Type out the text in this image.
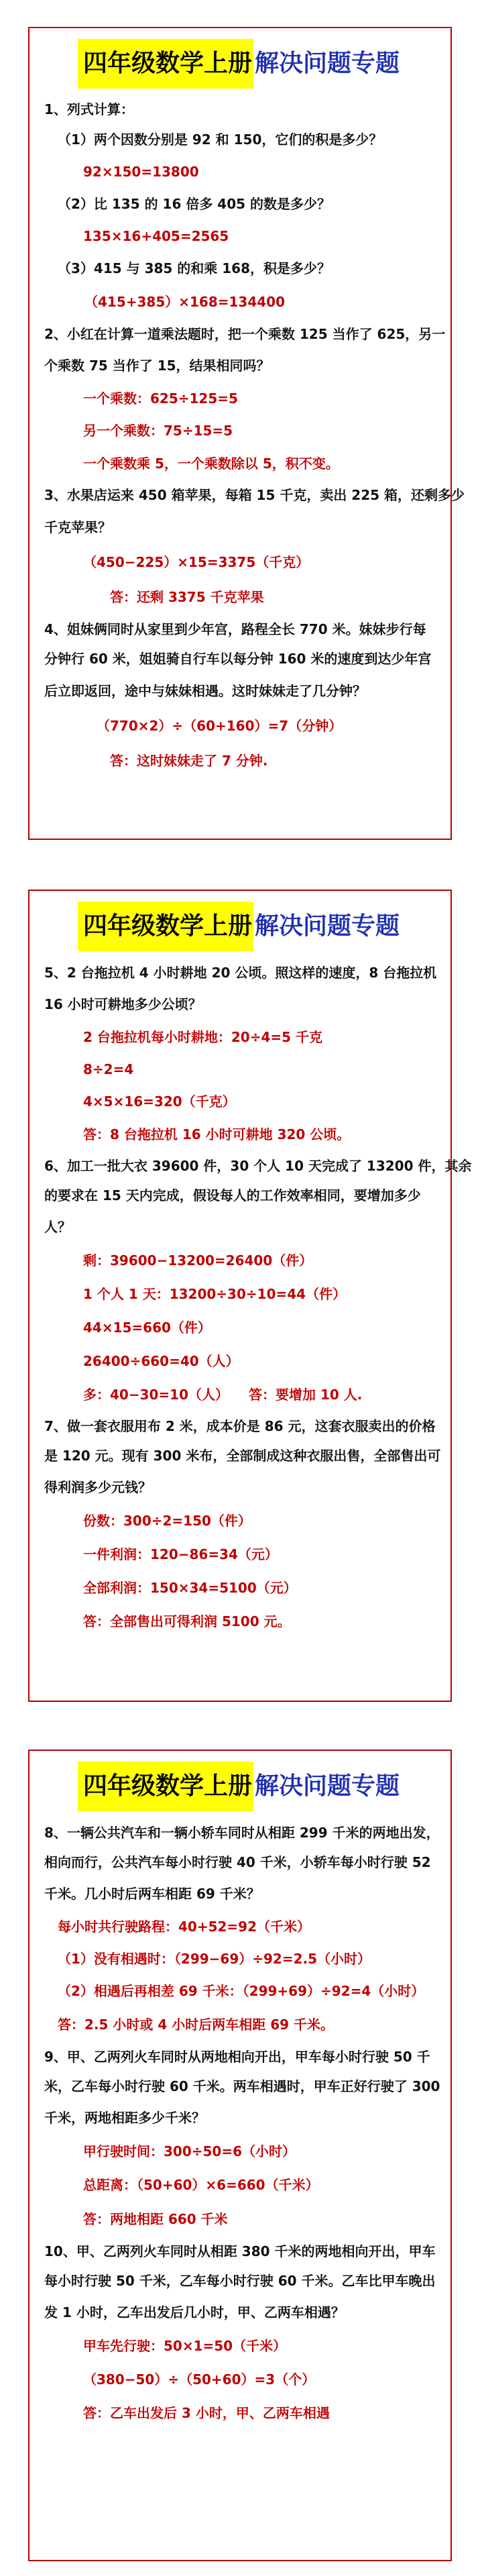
四年级数学上册 解决问题专题
1、列式计算：
（1）两个因数分别是 92 和 150，它们的积是多少？
92×150=13800
（2）比 135 的 16 倍多 405 的数是多少？
135×16+405=2565
（3）415 与 385 的和乘 168，积是多少？
（415+385）×168=134400
2、小红在计算一道乘法题时，把一个乘数 125 当作了 625，另一
个乘数 75 当作了 15，结果相同吗？
一个乘数：625÷125=5
另一个乘数：75÷15=5
一个乘数乘 5，一个乘数除以 5，积不变。
3、水果店运来 450 箱苹果，每箱 15 千克，卖出 225 箱，还剩多少
千克苹果？
（450−225）×15=3375（千克）
答：还剩 3375 千克苹果
4、姐妹俩同时从家里到少年宫，路程全长 770 米。妹妹步行每
分钟行 60 米，姐姐骑自行车以每分钟 160 米的速度到达少年宫
后立即返回，途中与妹妹相遇。这时妹妹走了几分钟？
（770×2）÷（60+160）=7（分钟）
答：这时妹妹走了 7 分钟.
四年级数学上册 解决问题专题
5、2 台拖拉机 4 小时耕地 20 公顷。照这样的速度，8 台拖拉机
16 小时可耕地多少公顷？
2 台拖拉机每小时耕地：20÷4=5 千克
8÷2=4
4×5×16=320（千克）
答：8 台拖拉机 16 小时可耕地 320 公顷。
6、加工一批大衣 39600 件，30 个人 10 天完成了 13200 件，其余
的要求在 15 天内完成，假设每人的工作效率相同，要增加多少
人？
剩：39600−13200=26400（件）
1 个人 1 天：13200÷30÷10=44（件）
44×15=660（件）
26400÷660=40（人）
多：40−30=10（人）　　答：要增加 10 人.
7、做一套衣服用布 2 米，成本价是 86 元，这套衣服卖出的价格
是 120 元。现有 300 米布，全部制成这种衣服出售，全部售出可
得利润多少元钱？
份数：300÷2=150（件）
一件利润：120−86=34（元）
全部利润：150×34=5100（元）
答：全部售出可得利润 5100 元。
四年级数学上册 解决问题专题
8、一辆公共汽车和一辆小轿车同时从相距 299 千米的两地出发，
相向而行，公共汽车每小时行驶 40 千米，小轿车每小时行驶 52
千米。几小时后两车相距 69 千米？
每小时共行驶路程：40+52=92（千米）
（1）没有相遇时：（299−69）÷92=2.5（小时）
（2）相遇后再相差 69 千米：（299+69）÷92=4（小时）
答：2.5 小时或 4 小时后两车相距 69 千米。
9、甲、乙两列火车同时从两地相向开出，甲车每小时行驶 50 千
米，乙车每小时行驶 60 千米。两车相遇时，甲车正好行驶了 300
千米，两地相距多少千米？
甲行驶时间：300÷50=6（小时）
总距离：（50+60）×6=660（千米）
答：两地相距 660 千米
10、甲、乙两列火车同时从相距 380 千米的两地相向开出，甲车
每小时行驶 50 千米，乙车每小时行驶 60 千米。乙车比甲车晚出
发 1 小时，乙车出发后几小时，甲、乙两车相遇？
甲车先行驶：50×1=50（千米）
（380−50）÷（50+60）=3（个）
答：乙车出发后 3 小时，甲、乙两车相遇
